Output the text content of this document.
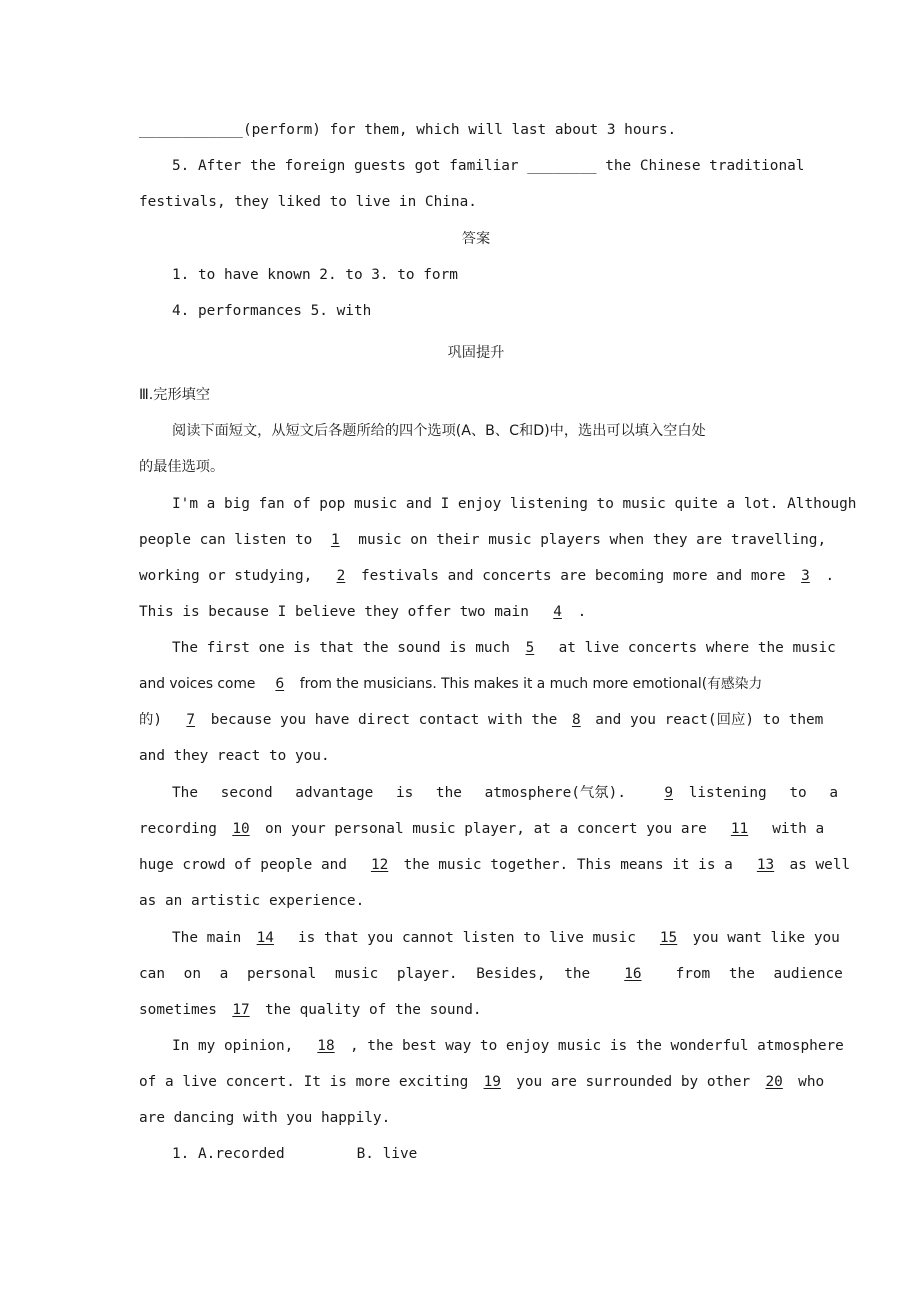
____________(perform) for them, which will last about 3 hours.
5. After the foreign guests got familiar ________ the Chinese traditional
festivals, they liked to live in China.
答案
1. to have known 2. to 3. to form
4. performances 5. with
巩固提升
Ⅲ.完形填空
阅读下面短文，从短文后各题所给的四个选项(A、B、C和D)中，选出可以填入空白处
的最佳选项。
I'm a big fan of pop music and I enjoy listening to music quite a lot. Although
people can listen to 1 music on their music players when they are travelling,
working or studying, 2 festivals and concerts are becoming more and more 3 .
This is because I believe they offer two main 4 .
The first one is that the sound is much 5 at live concerts where the music
and voices come 6 from the musicians. This makes it a much more emotional(有感染力
的) 7 because you have direct contact with the 8 and you react(回应) to them
and they react to you.
The second advantage is the atmosphere(气氛).	9 listening to a
recording 10 on your personal music player, at a concert you are 11 with a
huge crowd of people and 12 the music together. This means it is a 13 as well
as an artistic experience.
The main 14 is that you cannot listen to live music 15 you want like you
can on a personal music player. Besides, the 16 from the audience
sometimes 17 the quality of the sound.
In my opinion, 18 , the best way to enjoy music is the wonderful atmosphere
of a live concert. It is more exciting 19 you are surrounded by other 20 who
are dancing with you happily.
1. A.recorded	B. live
